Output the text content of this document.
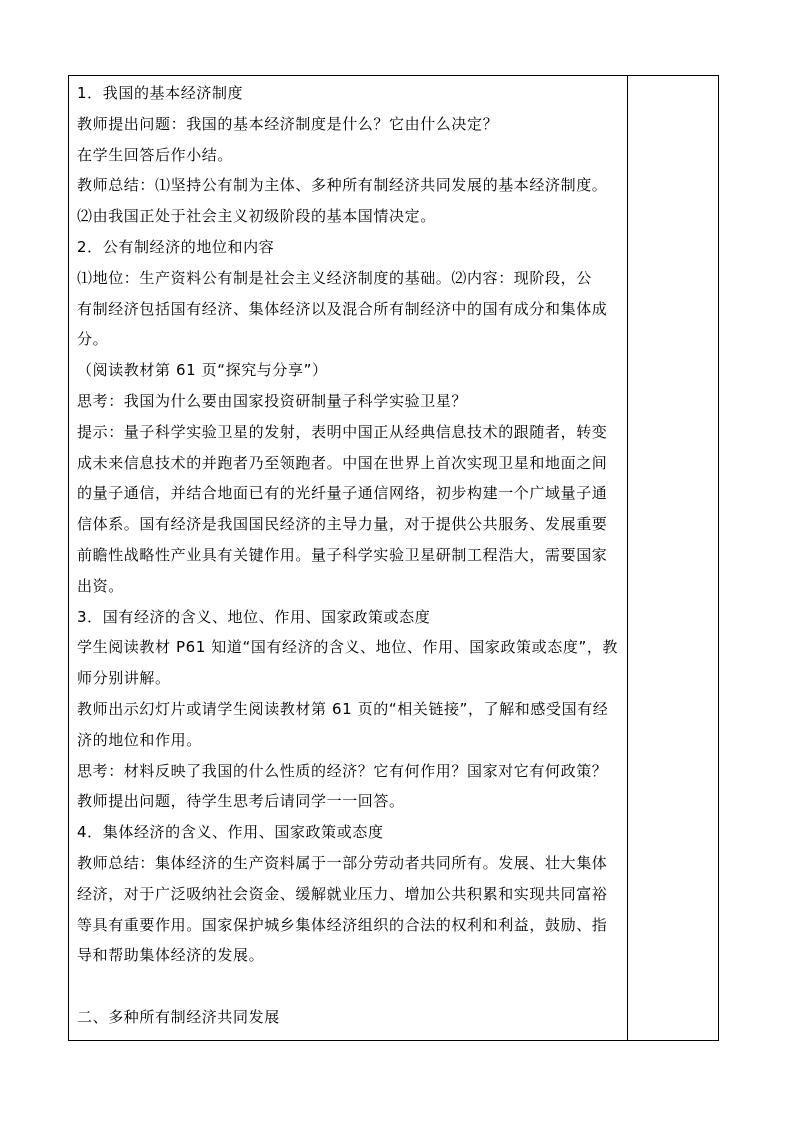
1．我国的基本经济制度

教师提出问题：我国的基本经济制度是什么？它由什么决定？

在学生回答后作小结。

教师总结：⑴坚持公有制为主体、多种所有制经济共同发展的基本经济制度。

⑵由我国正处于社会主义初级阶段的基本国情决定。

2．公有制经济的地位和内容

⑴地位：生产资料公有制是社会主义经济制度的基础。⑵内容：现阶段，公
有制经济包括国有经济、集体经济以及混合所有制经济中的国有成分和集体成
分。

（阅读教材第 61 页“探究与分享”）

思考：我国为什么要由国家投资研制量子科学实验卫星？

提示：量子科学实验卫星的发射，表明中国正从经典信息技术的跟随者，转变
成未来信息技术的并跑者乃至领跑者。中国在世界上首次实现卫星和地面之间
的量子通信，并结合地面已有的光纤量子通信网络，初步构建一个广域量子通
信体系。国有经济是我国国民经济的主导力量，对于提供公共服务、发展重要
前瞻性战略性产业具有关键作用。量子科学实验卫星研制工程浩大，需要国家
出资。

3．国有经济的含义、地位、作用、国家政策或态度

学生阅读教材 P61 知道“国有经济的含义、地位、作用、国家政策或态度”，教
师分别讲解。

教师出示幻灯片或请学生阅读教材第 61 页的“相关链接”，了解和感受国有经
济的地位和作用。

思考：材料反映了我国的什么性质的经济？它有何作用？国家对它有何政策？

教师提出问题，待学生思考后请同学一一回答。

4．集体经济的含义、作用、国家政策或态度

教师总结：集体经济的生产资料属于一部分劳动者共同所有。发展、壮大集体
经济，对于广泛吸纳社会资金、缓解就业压力、增加公共积累和实现共同富裕
等具有重要作用。国家保护城乡集体经济组织的合法的权利和利益，鼓励、指
导和帮助集体经济的发展。

二、多种所有制经济共同发展
